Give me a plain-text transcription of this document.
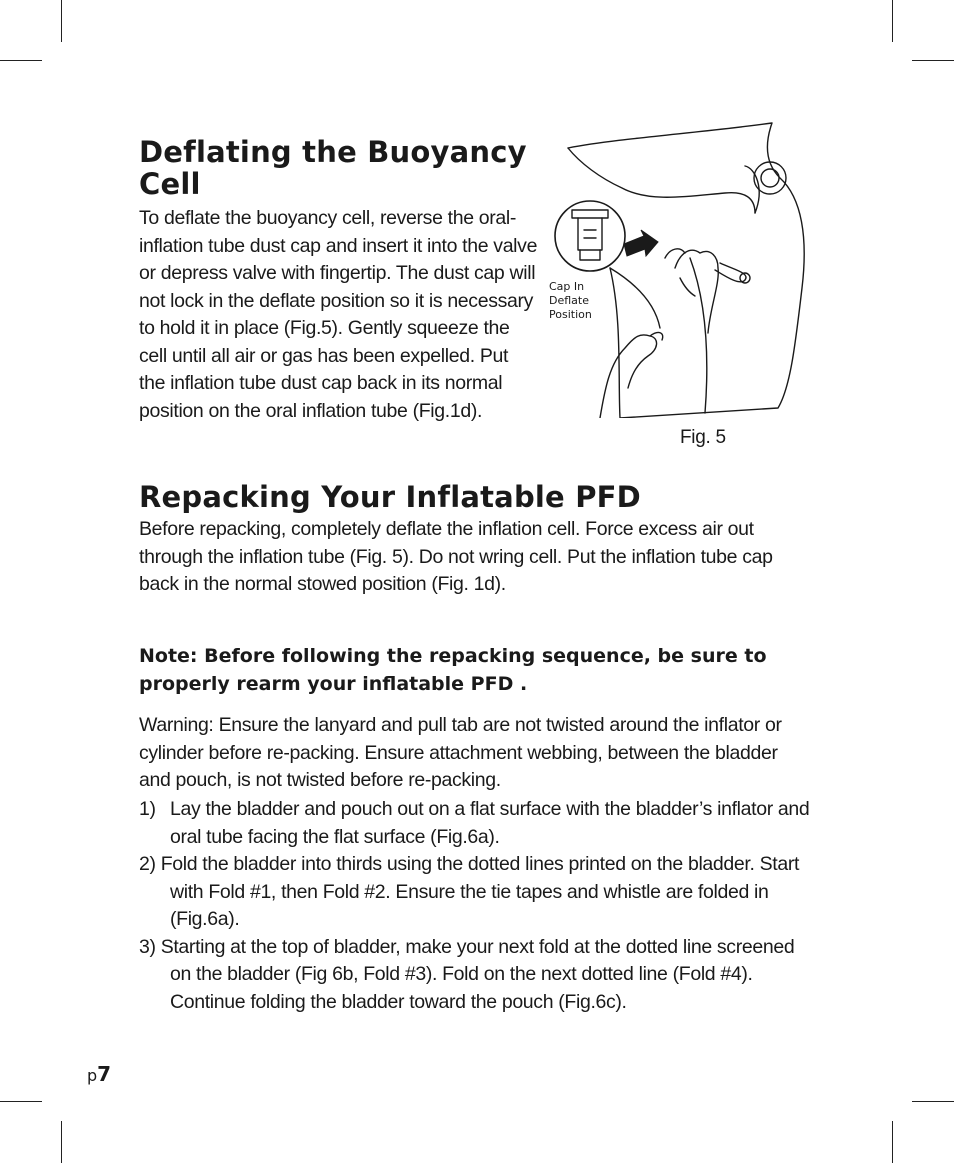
Deflating the Buoyancy Cell

To deflate the buoyancy cell, reverse the oral-inflation tube dust cap and insert it into the valve or depress valve with fingertip. The dust cap will not lock in the deflate position so it is necessary to hold it in place (Fig.5). Gently squeeze the cell until all air or gas has been expelled. Put the inflation tube dust cap back in its normal position on the oral inflation tube (Fig.1d).

Cap In
Deflate
Position
Fig. 5
Repacking Your Inflatable PFD

Before repacking, completely deflate the inflation cell. Force excess air out through the inflation tube (Fig. 5). Do not wring cell. Put the inflation tube cap back in the normal stowed position (Fig. 1d).

Note: Before following the repacking sequence, be sure to properly rearm your inflatable PFD .

Warning: Ensure the lanyard and pull tab are not twisted around the inflator or cylinder before re-packing. Ensure attachment webbing, between the bladder and pouch, is not twisted before re-packing.

1) Lay the bladder and pouch out on a flat surface with the bladder’s inflator and oral tube facing the flat surface (Fig.6a).
2) Fold the bladder into thirds using the dotted lines printed on the bladder. Start with Fold #1, then Fold #2. Ensure the tie tapes and whistle are folded in (Fig.6a).
3) Starting at the top of bladder, make your next fold at the dotted line screened on the bladder (Fig 6b, Fold #3). Fold on the next dotted line (Fold #4). Continue folding the bladder toward the pouch (Fig.6c).
p7
